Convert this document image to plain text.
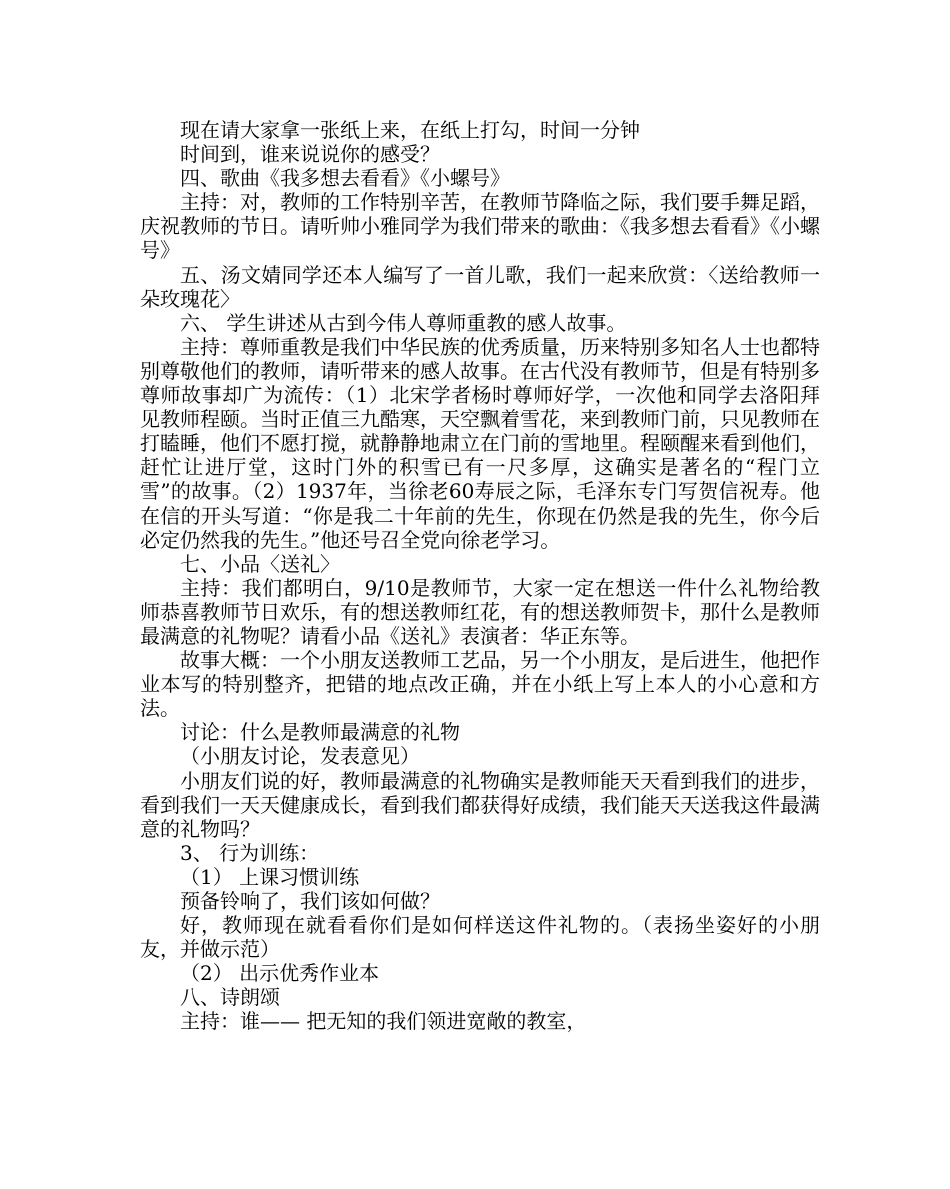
现在请大家拿一张纸上来，在纸上打勾，时间一分钟

时间到，谁来说说你的感受？

四、歌曲《我多想去看看》《小螺号》

主持：对，教师的工作特别辛苦，在教师节降临之际，我们要手舞足蹈，庆祝教师的节日。请听帅小雅同学为我们带来的歌曲：《我多想去看看》《小螺号》

五、汤文婧同学还本人编写了一首儿歌，我们一起来欣赏：〈送给教师一朵玫瑰花〉

六、 学生讲述从古到今伟人尊师重教的感人故事。

主持：尊师重教是我们中华民族的优秀质量，历来特别多知名人士也都特别尊敬他们的教师，请听带来的感人故事。在古代没有教师节，但是有特别多尊师故事却广为流传：（1）北宋学者杨时尊师好学，一次他和同学去洛阳拜见教师程颐。当时正值三九酷寒，天空飘着雪花，来到教师门前，只见教师在打瞌睡，他们不愿打搅，就静静地肃立在门前的雪地里。程颐醒来看到他们，赶忙让进厅堂，这时门外的积雪已有一尺多厚，这确实是著名的“程门立雪”的故事。（2）1937年，当徐老60寿辰之际，毛泽东专门写贺信祝寿。他在信的开头写道：“你是我二十年前的先生，你现在仍然是我的先生，你今后必定仍然我的先生。”他还号召全党向徐老学习。

七、小品〈送礼〉

主持：我们都明白，9/10是教师节，大家一定在想送一件什么礼物给教师恭喜教师节日欢乐，有的想送教师红花，有的想送教师贺卡，那什么是教师最满意的礼物呢？请看小品《送礼》表演者：华正东等。

故事大概：一个小朋友送教师工艺品，另一个小朋友，是后进生，他把作业本写的特别整齐，把错的地点改正确，并在小纸上写上本人的小心意和方法。

讨论：什么是教师最满意的礼物

（小朋友讨论，发表意见）

小朋友们说的好，教师最满意的礼物确实是教师能天天看到我们的进步，看到我们一天天健康成长，看到我们都获得好成绩，我们能天天送我这件最满意的礼物吗？

3、 行为训练：

（1） 上课习惯训练

预备铃响了，我们该如何做？

好，教师现在就看看你们是如何样送这件礼物的。（表扬坐姿好的小朋友，并做示范）

（2） 出示优秀作业本

八、诗朗颂

主持：谁—— 把无知的我们领进宽敞的教室，
